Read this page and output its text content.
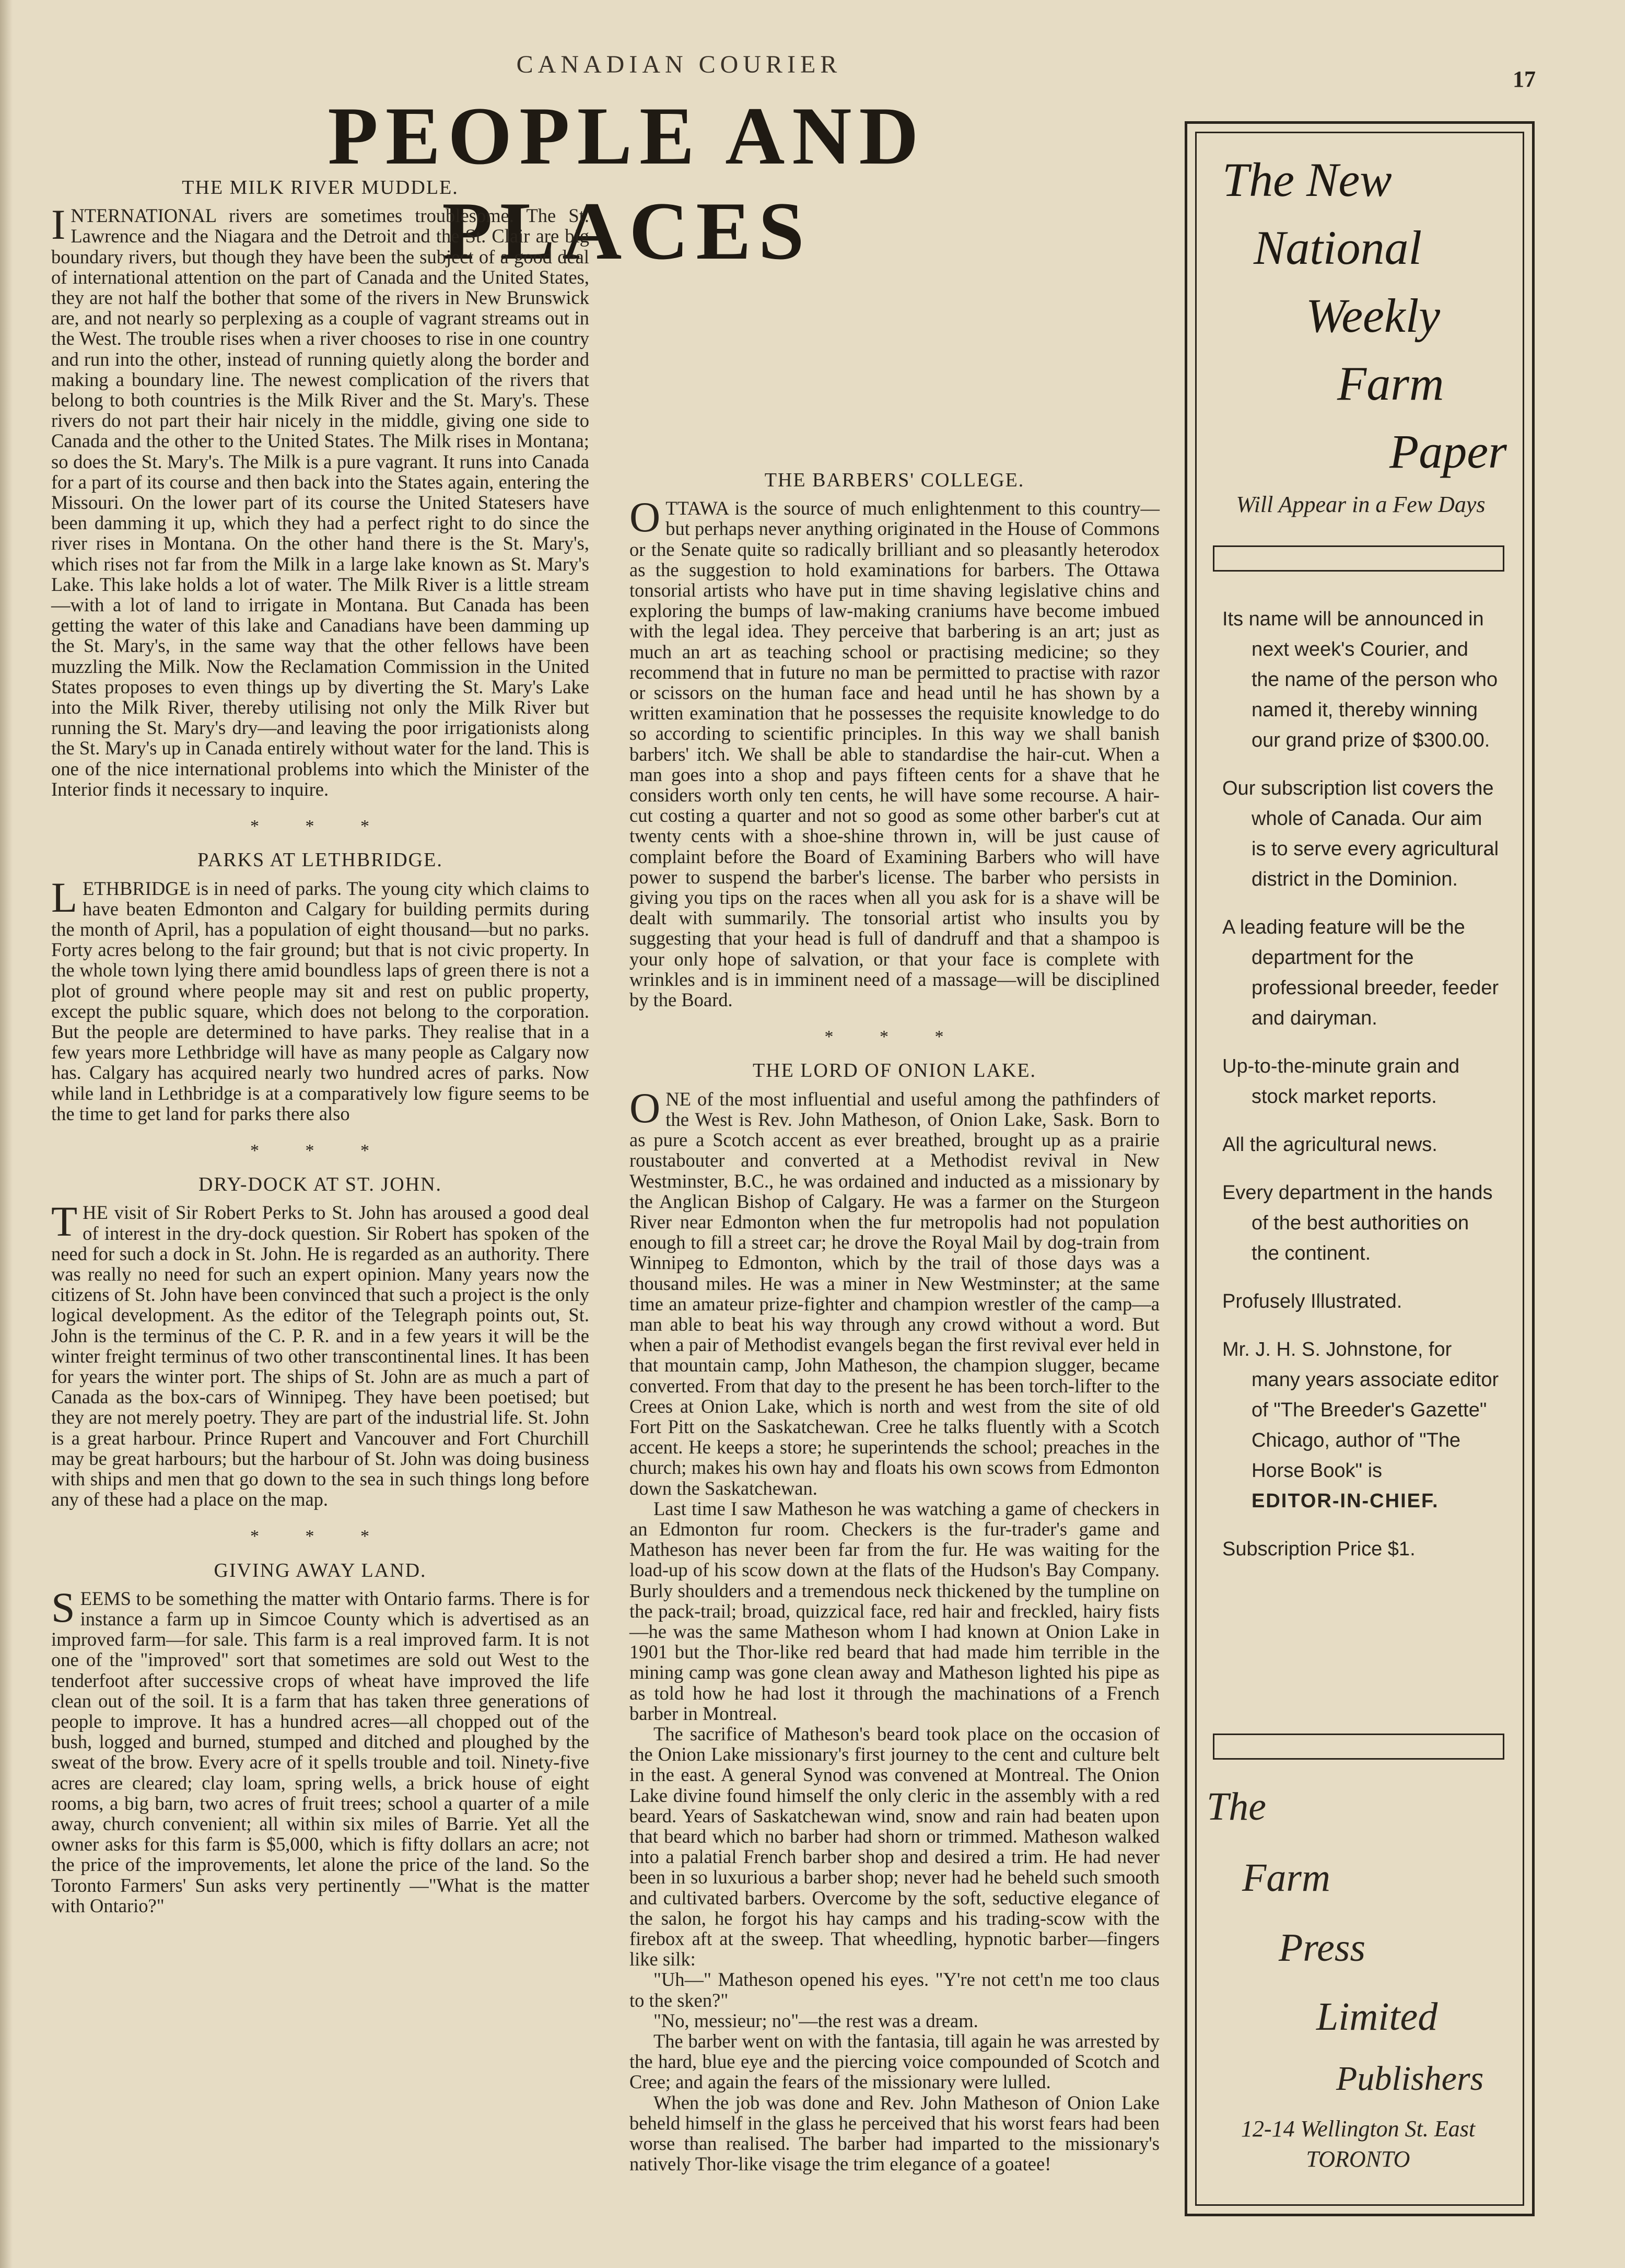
CANADIAN COURIER
17
PEOPLE AND PLACES
THE MILK RIVER MUDDLE.

INTERNATIONAL rivers are sometimes troublesome. The St. Lawrence and the Niagara and the Detroit and the St. Clair are big boundary rivers, but though they have been the subject of a good deal of international attention on the part of Canada and the United States, they are not half the bother that some of the rivers in New Brunswick are, and not nearly so perplexing as a couple of vagrant streams out in the West. The trouble rises when a river chooses to rise in one country and run into the other, instead of running quietly along the border and making a boundary line. The newest complication of the rivers that belong to both countries is the Milk River and the St. Mary's. These rivers do not part their hair nicely in the middle, giving one side to Canada and the other to the United States. The Milk rises in Montana; so does the St. Mary's. The Milk is a pure vagrant. It runs into Canada for a part of its course and then back into the States again, entering the Missouri. On the lower part of its course the United Statesers have been damming it up, which they had a perfect right to do since the river rises in Montana. On the other hand there is the St. Mary's, which rises not far from the Milk in a large lake known as St. Mary's Lake. This lake holds a lot of water. The Milk River is a little stream—with a lot of land to irrigate in Montana. But Canada has been getting the water of this lake and Canadians have been damming up the St. Mary's, in the same way that the other fellows have been muzzling the Milk. Now the Reclamation Commission in the United States proposes to even things up by diverting the St. Mary's Lake into the Milk River, thereby utilising not only the Milk River but running the St. Mary's dry—and leaving the poor irrigationists along the St. Mary's up in Canada entirely without water for the land. This is one of the nice international problems into which the Minister of the Interior finds it necessary to inquire.

* * *
PARKS AT LETHBRIDGE.

LETHBRIDGE is in need of parks. The young city which claims to have beaten Edmonton and Calgary for building permits during the month of April, has a population of eight thousand—but no parks. Forty acres belong to the fair ground; but that is not civic property. In the whole town lying there amid boundless laps of green there is not a plot of ground where people may sit and rest on public property, except the public square, which does not belong to the corporation. But the people are determined to have parks. They realise that in a few years more Lethbridge will have as many people as Calgary now has. Calgary has acquired nearly two hundred acres of parks. Now while land in Lethbridge is at a comparatively low figure seems to be the time to get land for parks there also

* * *
DRY-DOCK AT ST. JOHN.

THE visit of Sir Robert Perks to St. John has aroused a good deal of interest in the dry-dock question. Sir Robert has spoken of the need for such a dock in St. John. He is regarded as an authority. There was really no need for such an expert opinion. Many years now the citizens of St. John have been convinced that such a project is the only logical development. As the editor of the Telegraph points out, St. John is the terminus of the C. P. R. and in a few years it will be the winter freight terminus of two other transcontinental lines. It has been for years the winter port. The ships of St. John are as much a part of Canada as the box-cars of Winnipeg. They have been poetised; but they are not merely poetry. They are part of the industrial life. St. John is a great harbour. Prince Rupert and Vancouver and Fort Churchill may be great harbours; but the harbour of St. John was doing business with ships and men that go down to the sea in such things long before any of these had a place on the map.

* * *
GIVING AWAY LAND.

SEEMS to be something the matter with Ontario farms. There is for instance a farm up in Simcoe County which is advertised as an improved farm—for sale. This farm is a real improved farm. It is not one of the "improved" sort that sometimes are sold out West to the tenderfoot after successive crops of wheat have improved the life clean out of the soil. It is a farm that has taken three generations of people to improve. It has a hundred acres—all chopped out of the bush, logged and burned, stumped and ditched and ploughed by the sweat of the brow. Every acre of it spells trouble and toil. Ninety-five acres are cleared; clay loam, spring wells, a brick house of eight rooms, a big barn, two acres of fruit trees; school a quarter of a mile away, church convenient; all within six miles of Barrie. Yet all the owner asks for this farm is $5,000, which is fifty dollars an acre; not the price of the improvements, let alone the price of the land. So the Toronto Farmers' Sun asks very pertinently —"What is the matter with Ontario?"

THE BARBERS' COLLEGE.

OTTAWA is the source of much enlightenment to this country—but perhaps never anything originated in the House of Commons or the Senate quite so radically brilliant and so pleasantly heterodox as the suggestion to hold examinations for barbers. The Ottawa tonsorial artists who have put in time shaving legislative chins and exploring the bumps of law-making craniums have become imbued with the legal idea. They perceive that barbering is an art; just as much an art as teaching school or practising medicine; so they recommend that in future no man be permitted to practise with razor or scissors on the human face and head until he has shown by a written examination that he possesses the requisite knowledge to do so according to scientific principles. In this way we shall banish barbers' itch. We shall be able to standardise the hair-cut. When a man goes into a shop and pays fifteen cents for a shave that he considers worth only ten cents, he will have some recourse. A hair-cut costing a quarter and not so good as some other barber's cut at twenty cents with a shoe-shine thrown in, will be just cause of complaint before the Board of Examining Barbers who will have power to suspend the barber's license. The barber who persists in giving you tips on the races when all you ask for is a shave will be dealt with summarily. The tonsorial artist who insults you by suggesting that your head is full of dandruff and that a shampoo is your only hope of salvation, or that your face is complete with wrinkles and is in imminent need of a massage—will be disciplined by the Board.

* * *
THE LORD OF ONION LAKE.

ONE of the most influential and useful among the pathfinders of the West is Rev. John Matheson, of Onion Lake, Sask. Born to as pure a Scotch accent as ever breathed, brought up as a prairie roustabouter and converted at a Methodist revival in New Westminster, B.C., he was ordained and inducted as a missionary by the Anglican Bishop of Calgary. He was a farmer on the Sturgeon River near Edmonton when the fur metropolis had not population enough to fill a street car; he drove the Royal Mail by dog-train from Winnipeg to Edmonton, which by the trail of those days was a thousand miles. He was a miner in New Westminster; at the same time an amateur prize-fighter and champion wrestler of the camp—a man able to beat his way through any crowd without a word. But when a pair of Methodist evangels began the first revival ever held in that mountain camp, John Matheson, the champion slugger, became converted. From that day to the present he has been torch-lifter to the Crees at Onion Lake, which is north and west from the site of old Fort Pitt on the Saskatchewan. Cree he talks fluently with a Scotch accent. He keeps a store; he superintends the school; preaches in the church; makes his own hay and floats his own scows from Edmonton down the Saskatchewan.

Last time I saw Matheson he was watching a game of checkers in an Edmonton fur room. Checkers is the fur-trader's game and Matheson has never been far from the fur. He was waiting for the load-up of his scow down at the flats of the Hudson's Bay Company. Burly shoulders and a tremendous neck thickened by the tumpline on the pack-trail; broad, quizzical face, red hair and freckled, hairy fists—he was the same Matheson whom I had known at Onion Lake in 1901 but the Thor-like red beard that had made him terrible in the mining camp was gone clean away and Matheson lighted his pipe as as told how he had lost it through the machinations of a French barber in Montreal.

The sacrifice of Matheson's beard took place on the occasion of the Onion Lake missionary's first journey to the cent and culture belt in the east. A general Synod was convened at Montreal. The Onion Lake divine found himself the only cleric in the assembly with a red beard. Years of Saskatchewan wind, snow and rain had beaten upon that beard which no barber had shorn or trimmed. Matheson walked into a palatial French barber shop and desired a trim. He had never been in so luxurious a barber shop; never had he beheld such smooth and cultivated barbers. Overcome by the soft, seductive elegance of the salon, he forgot his hay camps and his trading-scow with the firebox aft at the sweep. That wheedling, hypnotic barber—fingers like silk:

"Uh—" Matheson opened his eyes. "Y're not cett'n me too claus to the sken?"

"No, messieur; no"—the rest was a dream.

The barber went on with the fantasia, till again he was arrested by the hard, blue eye and the piercing voice compounded of Scotch and Cree; and again the fears of the missionary were lulled.

When the job was done and Rev. John Matheson of Onion Lake beheld himself in the glass he perceived that his worst fears had been worse than realised. The barber had imparted to the missionary's natively Thor-like visage the trim elegance of a goatee!

The New
National
Weekly
Farm
Paper
Will Appear in a Few Days

Its name will be announced in next week's Courier, and the name of the person who named it, thereby winning our grand prize of $300.00.

Our subscription list covers the whole of Canada. Our aim is to serve every agricultural district in the Dominion.

A leading feature will be the department for the professional breeder, feeder and dairyman.

Up-to-the-minute grain and stock market reports.

All the agricultural news.

Every department in the hands of the best authorities on the continent.

Profusely Illustrated.

Mr. J. H. S. Johnstone, for many years associate editor of "The Breeder's Gazette" Chicago, author of "The Horse Book" is

EDITOR-IN-CHIEF.

Subscription Price $1.

The
Farm
Press
Limited
Publishers
12-14 Wellington St. East
TORONTO
